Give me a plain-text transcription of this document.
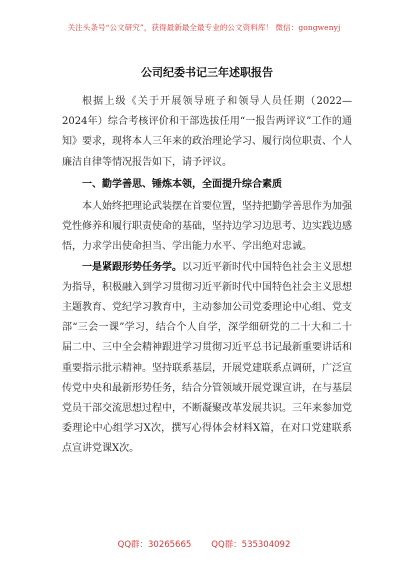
关注头条号“公文研究”，获得最新最全最专业的公文资料库！ 微信：gongwenyj
公司纪委书记三年述职报告

根据上级《关于开展领导班子和领导人员任期（2022—2024年）综合考核评价和干部选拔任用“一报告两评议”工作的通知》要求，现将本人三年来的政治理论学习、履行岗位职责、个人廉洁自律等情况报告如下，请予评议。

一、勤学善思、锤炼本领，全面提升综合素质

本人始终把理论武装摆在首要位置，坚持把勤学善思作为加强党性修养和履行职责使命的基础，坚持边学习边思考、边实践边感悟，力求学出使命担当、学出能力水平、学出绝对忠诚。

一是紧跟形势任务学。以习近平新时代中国特色社会主义思想为指导，积极融入到学习贯彻习近平新时代中国特色社会主义思想主题教育、党纪学习教育中，主动参加公司党委理论中心组、党支部“三会一课”学习，结合个人自学，深学细研党的二十大和二十届二中、三中全会精神跟进学习贯彻习近平总书记最新重要讲话和重要指示批示精神。坚持联系基层，开展党建联系点调研，广泛宣传党中央和最新形势任务，结合分管领域开展党课宣讲，在与基层党员干部交流思想过程中，不断凝聚改革发展共识。三年来参加党委理论中心组学习X次，撰写心得体会材料X篇，在对口党建联系点宣讲党课X次。

QQ群：30265665 QQ群：535304092
